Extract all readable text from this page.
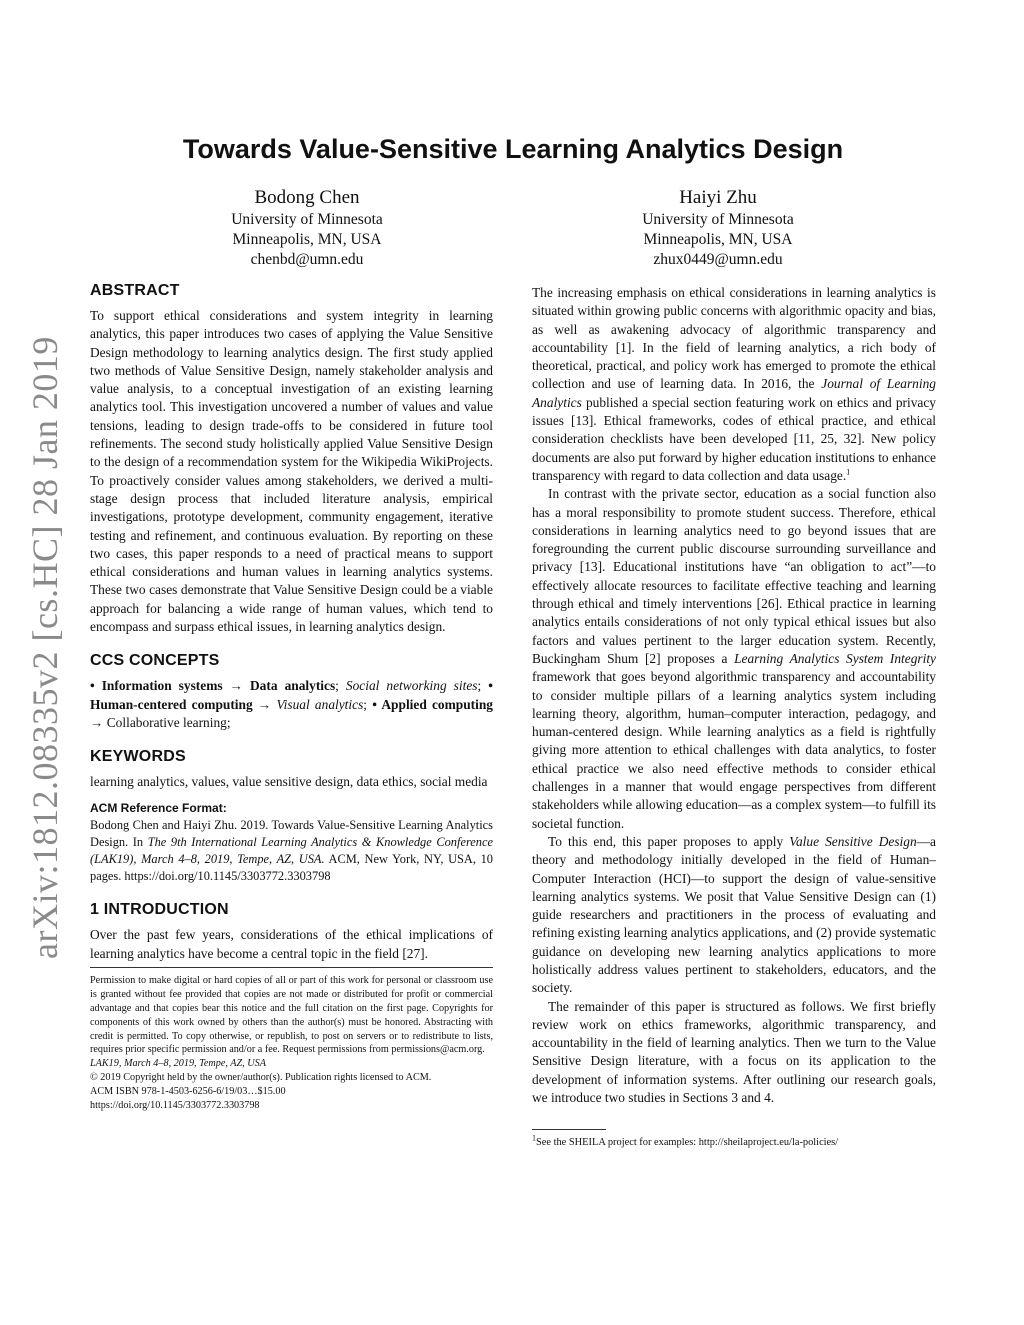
arXiv:1812.08335v2 [cs.HC] 28 Jan 2019
Towards Value-Sensitive Learning Analytics Design
Bodong Chen
University of Minnesota
Minneapolis, MN, USA
chenbd@umn.edu
Haiyi Zhu
University of Minnesota
Minneapolis, MN, USA
zhux0449@umn.edu
ABSTRACT

To support ethical considerations and system integrity in learning analytics, this paper introduces two cases of applying the Value Sensitive Design methodology to learning analytics design. The first study applied two methods of Value Sensitive Design, namely stakeholder analysis and value analysis, to a conceptual investigation of an existing learning analytics tool. This investigation uncovered a number of values and value tensions, leading to design trade-offs to be considered in future tool refinements. The second study holistically applied Value Sensitive Design to the design of a recommendation system for the Wikipedia WikiProjects. To proactively consider values among stakeholders, we derived a multi-stage design process that included literature analysis, empirical investigations, prototype development, community engagement, iterative testing and refinement, and continuous evaluation. By reporting on these two cases, this paper responds to a need of practical means to support ethical considerations and human values in learning analytics systems. These two cases demonstrate that Value Sensitive Design could be a viable approach for balancing a wide range of human values, which tend to encompass and surpass ethical issues, in learning analytics design.

CCS CONCEPTS

• Information systems → Data analytics; Social networking sites; • Human-centered computing → Visual analytics; • Applied computing → Collaborative learning;

KEYWORDS

learning analytics, values, value sensitive design, data ethics, social media

ACM Reference Format:

Bodong Chen and Haiyi Zhu. 2019. Towards Value-Sensitive Learning Analytics Design. In The 9th International Learning Analytics & Knowledge Conference (LAK19), March 4–8, 2019, Tempe, AZ, USA. ACM, New York, NY, USA, 10 pages. https://doi.org/10.1145/3303772.3303798

1 INTRODUCTION

Over the past few years, considerations of the ethical implications of learning analytics have become a central topic in the field [27].

Permission to make digital or hard copies of all or part of this work for personal or classroom use is granted without fee provided that copies are not made or distributed for profit or commercial advantage and that copies bear this notice and the full citation on the first page. Copyrights for components of this work owned by others than the author(s) must be honored. Abstracting with credit is permitted. To copy otherwise, or republish, to post on servers or to redistribute to lists, requires prior specific permission and/or a fee. Request permissions from permissions@acm.org.

LAK19, March 4–8, 2019, Tempe, AZ, USA

© 2019 Copyright held by the owner/author(s). Publication rights licensed to ACM.

ACM ISBN 978-1-4503-6256-6/19/03…$15.00

https://doi.org/10.1145/3303772.3303798

The increasing emphasis on ethical considerations in learning analytics is situated within growing public concerns with algorithmic opacity and bias, as well as awakening advocacy of algorithmic transparency and accountability [1]. In the field of learning analytics, a rich body of theoretical, practical, and policy work has emerged to promote the ethical collection and use of learning data. In 2016, the Journal of Learning Analytics published a special section featuring work on ethics and privacy issues [13]. Ethical frameworks, codes of ethical practice, and ethical consideration checklists have been developed [11, 25, 32]. New policy documents are also put forward by higher education institutions to enhance transparency with regard to data collection and data usage.$^1$

In contrast with the private sector, education as a social function also has a moral responsibility to promote student success. Therefore, ethical considerations in learning analytics need to go beyond issues that are foregrounding the current public discourse surrounding surveillance and privacy [13]. Educational institutions have “an obligation to act”—to effectively allocate resources to facilitate effective teaching and learning through ethical and timely interventions [26]. Ethical practice in learning analytics entails considerations of not only typical ethical issues but also factors and values pertinent to the larger education system. Recently, Buckingham Shum [2] proposes a Learning Analytics System Integrity framework that goes beyond algorithmic transparency and accountability to consider multiple pillars of a learning analytics system including learning theory, algorithm, human–computer interaction, pedagogy, and human-centered design. While learning analytics as a field is rightfully giving more attention to ethical challenges with data analytics, to foster ethical practice we also need effective methods to consider ethical challenges in a manner that would engage perspectives from different stakeholders while allowing education—as a complex system—to fulfill its societal function.

To this end, this paper proposes to apply Value Sensitive Design—a theory and methodology initially developed in the field of Human–Computer Interaction (HCI)—to support the design of value-sensitive learning analytics systems. We posit that Value Sensitive Design can (1) guide researchers and practitioners in the process of evaluating and refining existing learning analytics applications, and (2) provide systematic guidance on developing new learning analytics applications to more holistically address values pertinent to stakeholders, educators, and the society.

The remainder of this paper is structured as follows. We first briefly review work on ethics frameworks, algorithmic transparency, and accountability in the field of learning analytics. Then we turn to the Value Sensitive Design literature, with a focus on its application to the development of information systems. After outlining our research goals, we introduce two studies in Sections 3 and 4.

$^1$See the SHEILA project for examples: http://sheilaproject.eu/la-policies/
